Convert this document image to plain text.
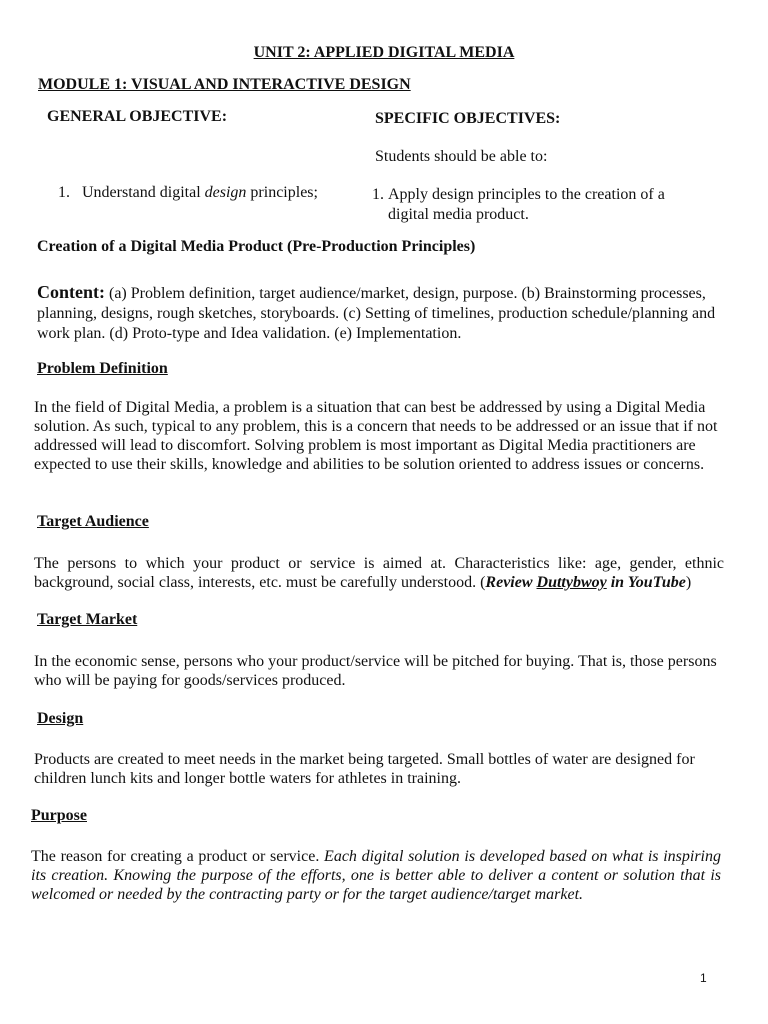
UNIT 2: APPLIED DIGITAL MEDIA

MODULE 1: VISUAL AND INTERACTIVE DESIGN

GENERAL OBJECTIVE:	SPECIFIC OBJECTIVES:

Students should be able to:

1. Understand digital design principles;	1. Apply design principles to the creation of a
digital media product.

Creation of a Digital Media Product (Pre-Production Principles)

Content: (a) Problem definition, target audience/market, design, purpose. (b) Brainstorming processes, planning, designs, rough sketches, storyboards. (c) Setting of timelines, production schedule/planning and work plan. (d) Proto-type and Idea validation. (e) Implementation.

Problem Definition

In the field of Digital Media, a problem is a situation that can best be addressed by using a Digital Media solution. As such, typical to any problem, this is a concern that needs to be addressed or an issue that if not addressed will lead to discomfort. Solving problem is most important as Digital Media practitioners are expected to use their skills, knowledge and abilities to be solution oriented to address issues or concerns.

Target Audience

The persons to which your product or service is aimed at. Characteristics like: age, gender, ethnic background, social class, interests, etc. must be carefully understood. (Review Duttybwoy in YouTube)

Target Market

In the economic sense, persons who your product/service will be pitched for buying. That is, those persons who will be paying for goods/services produced.

Design

Products are created to meet needs in the market being targeted. Small bottles of water are designed for children lunch kits and longer bottle waters for athletes in training.

Purpose

The reason for creating a product or service. Each digital solution is developed based on what is inspiring its creation. Knowing the purpose of the efforts, one is better able to deliver a content or solution that is welcomed or needed by the contracting party or for the target audience/target market.

1
